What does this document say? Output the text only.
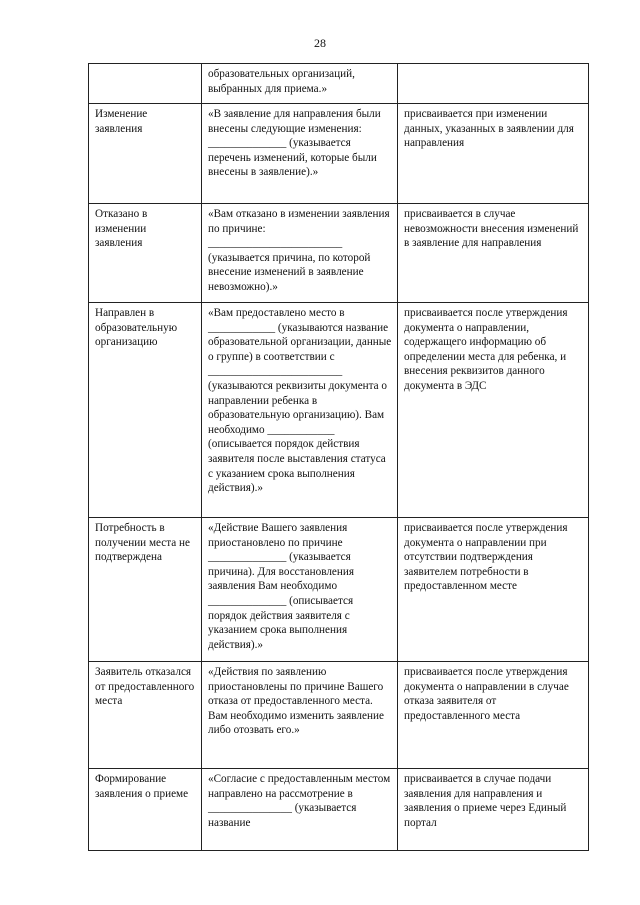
28

	образовательных организаций, выбранных для приема.»	

Изменение заявления	«В заявление для направления были внесены следующие изменения: ______________ (указывается перечень изменений, которые были внесены в заявление).»	присваивается при изменении данных, указанных в заявлении для направления

Отказано в изменении заявления	«Вам отказано в изменении заявления по причине: ________________________ (указывается причина, по которой внесение изменений в заявление невозможно).»	присваивается в случае невозможности внесения изменений в заявление для направления

Направлен в образовательную организацию	«Вам предоставлено место в ____________ (указываются название образовательной организации, данные о группе) в соответствии с ________________________ (указываются реквизиты документа о направлении ребенка в образовательную организацию). Вам необходимо ____________ (описывается порядок действия заявителя после выставления статуса с указанием срока выполнения действия).»	присваивается после утверждения документа о направлении, содержащего информацию об определении места для ребенка, и внесения реквизитов данного документа в ЭДС

Потребность в получении места не подтверждена	«Действие Вашего заявления приостановлено по причине ______________ (указывается причина). Для восстановления заявления Вам необходимо ______________ (описывается порядок действия заявителя с указанием срока выполнения действия).»	присваивается после утверждения документа о направлении при отсутствии подтверждения заявителем потребности в предоставленном месте

Заявитель отказался от предоставленного места	«Действия по заявлению приостановлены по причине Вашего отказа от предоставленного места. Вам необходимо изменить заявление либо отозвать его.»	присваивается после утверждения документа о направлении в случае отказа заявителя от предоставленного места

Формирование заявления о приеме	«Согласие с предоставленным местом направлено на рассмотрение в _______________ (указывается название	присваивается в случае подачи заявления для направления и заявления о приеме через Единый портал
